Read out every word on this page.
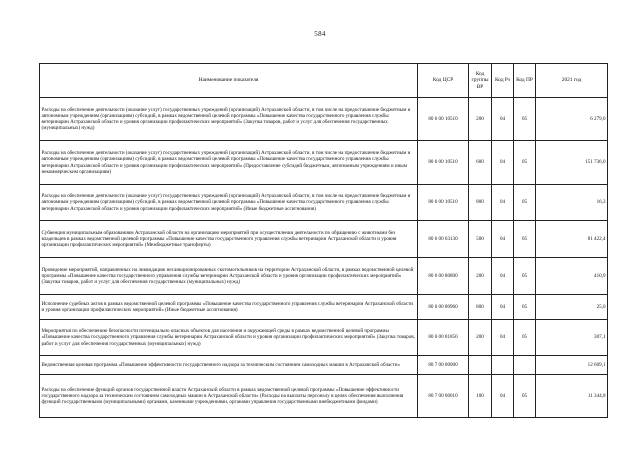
584
Наименование показателя	Код ЦСР	Код группы ВР	Код Рз	Код ПР	2021 год
Расходы на обеспечение деятельности (оказание услуг) государственных учреждений (организаций) Астраханской области, в том числе на предоставление бюджетным и автономным учреждениям (организациям) субсидий, в рамках ведомственной целевой программы «Повышение качества государственного управления службы ветеринарии Астраханской области и уровня организации профилактических мероприятий» (Закупка товаров, работ и услуг для обеспечения государственных (муниципальных) нужд)	80 6 00 10510	200	04	05	6 279,0
Расходы на обеспечение деятельности (оказание услуг) государственных учреждений (организаций) Астраханской области, в том числе на предоставление бюджетным и автономным учреждениям (организациям) субсидий, в рамках ведомственной целевой программы «Повышение качества государственного управления службы ветеринарии Астраханской области и уровня организации профилактических мероприятий» (Предоставление субсидий бюджетным, автономным учреждениям и иным некоммерческим организациям)	80 6 00 10510	600	04	05	151 736,0
Расходы на обеспечение деятельности (оказание услуг) государственных учреждений (организаций) Астраханской области, в том числе на предоставление бюджетным и автономным учреждениям (организациям) субсидий, в рамках ведомственной целевой программы «Повышение качества государственного управления службы ветеринарии Астраханской области и уровня организации профилактических мероприятий» (Иные бюджетные ассигнования)	80 6 00 10510	800	04	05	16,3
Субвенция муниципальным образованиям Астраханской области на организацию мероприятий при осуществлении деятельности по обращению с животными без владельцев в рамках ведомственной целевой программы «Повышение качества государственного управления службы ветеринарии Астраханской области и уровня организации профилактических мероприятий» (Межбюджетные трансферты)	80 6 00 63130	500	04	05	81 422,4
Проведение мероприятий, направленных на ликвидацию несанкционированных скотомогильников на территории Астраханской области, в рамках ведомственной целевой программы «Повышение качества государственного управления службы ветеринарии Астраханской области и уровня организации профилактических мероприятий» (Закупка товаров, работ и услуг для обеспечения государственных (муниципальных) нужд)	80 6 00 80800	200	04	05	410,9
Исполнение судебных актов в рамках ведомственной целевой программы «Повышение качества государственного управления службы ветеринарии Астраханской области и уровня организации профилактических мероприятий» (Иные бюджетные ассигнования)	80 6 00 80960	800	04	05	25,0
Мероприятия по обеспечению безопасности потенциально опасных объектов для населения и окружающей среды в рамках ведомственной целевой программы «Повышение качества государственного управления службы ветеринарии Астраханской области и уровня организации профилактических мероприятий» (Закупка товаров, работ и услуг для обеспечения государственных (муниципальных) нужд)	80 6 00 81850	200	04	05	307,1
Ведомственная целевая программа «Повышение эффективности государственного надзора за техническим состоянием самоходных машин в Астраханской области»	80 7 00 00000				12 609,1
Расходы на обеспечение функций органов государственной власти Астраханской области в рамках ведомственной целевой программы «Повышение эффективности государственного надзора за техническим состоянием самоходных машин в Астраханской области» (Расходы на выплаты персоналу в целях обеспечения выполнения функций государственными (муниципальными) органами, казенными учреждениями, органами управления государственными внебюджетными фондами)	80 7 00 00010	100	04	05	11 344,8
